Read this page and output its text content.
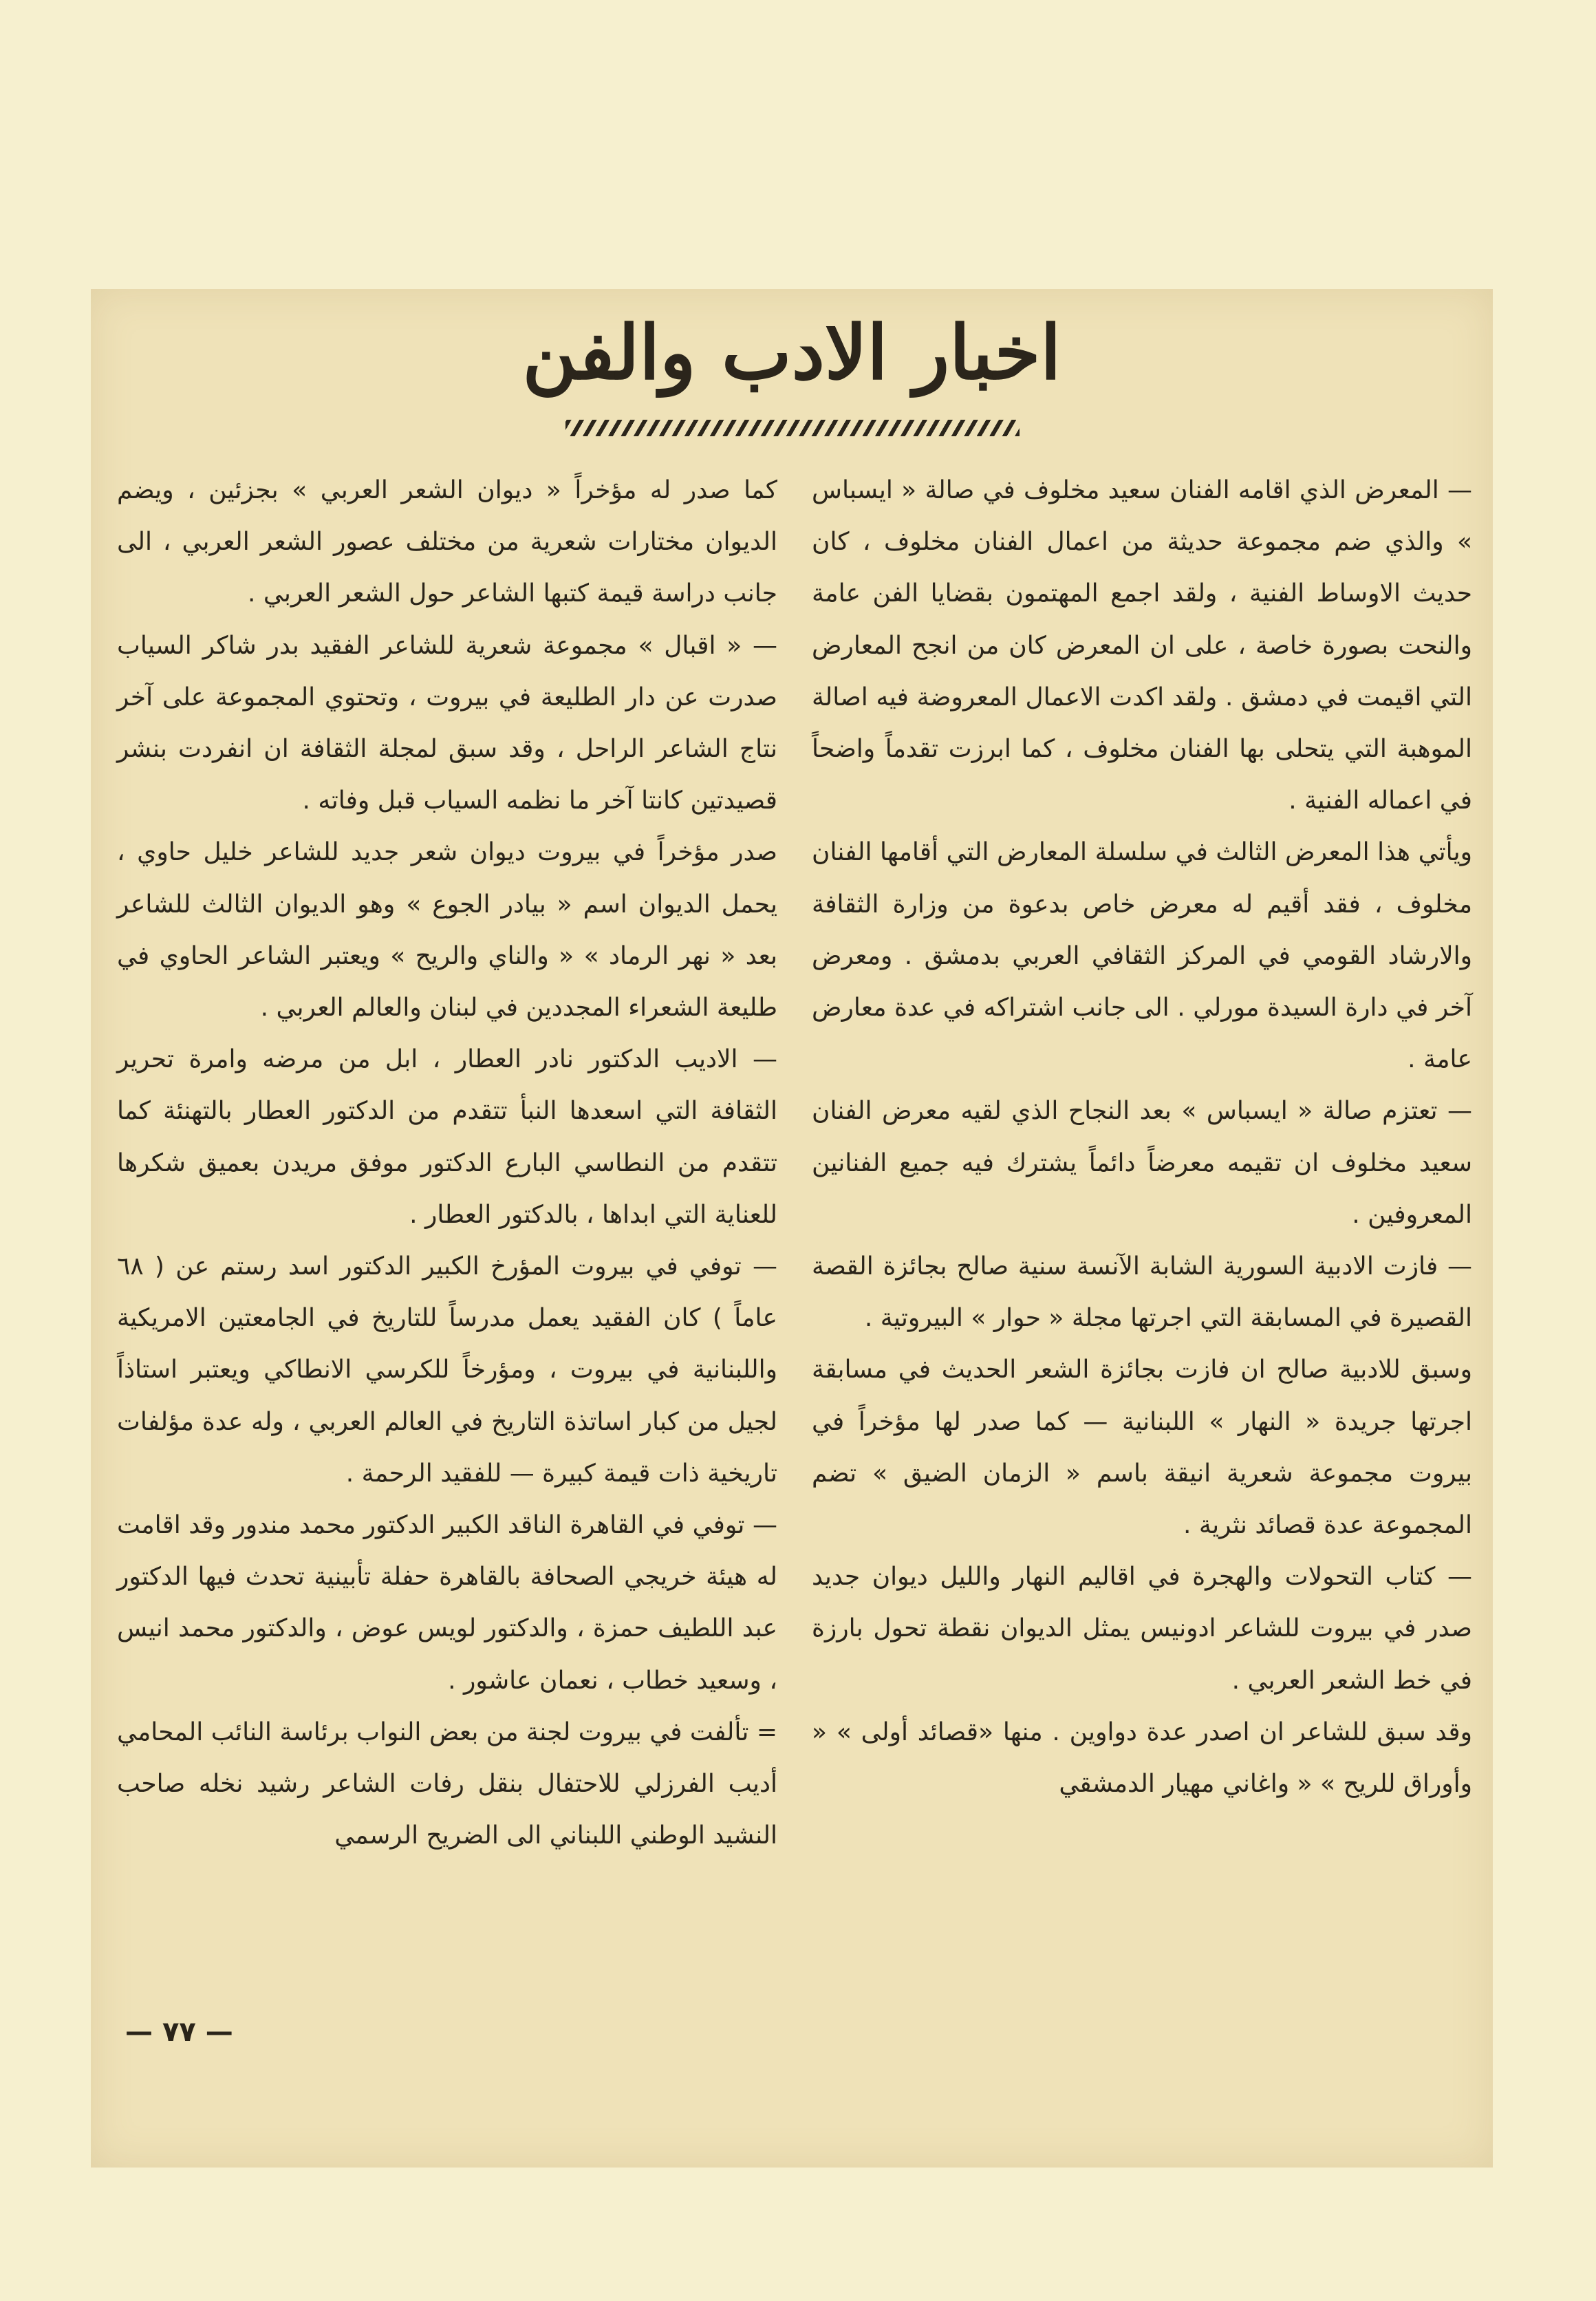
اخبار الادب والفن

— المعرض الذي اقامه الفنان سعيد مخلوف في صالة « ايسباس » والذي ضم مجموعة حديثة من اعمال الفنان مخلوف ، كان حديث الاوساط الفنية ، ولقد اجمع المهتمون بقضايا الفن عامة والنحت بصورة خاصة ، على ان المعرض كان من انجح المعارض التي اقيمت في دمشق . ولقد اكدت الاعمال المعروضة فيه اصالة الموهبة التي يتحلى بها الفنان مخلوف ، كما ابرزت تقدماً واضحاً في اعماله الفنية .

ويأتي هذا المعرض الثالث في سلسلة المعارض التي أقامها الفنان مخلوف ، فقد أقيم له معرض خاص بدعوة من وزارة الثقافة والارشاد القومي في المركز الثقافي العربي بدمشق . ومعرض آخر في دارة السيدة مورلي . الى جانب اشتراكه في عدة معارض عامة .

— تعتزم صالة « ايسباس » بعد النجاح الذي لقيه معرض الفنان سعيد مخلوف ان تقيمه معرضاً دائماً يشترك فيه جميع الفنانين المعروفين .

— فازت الادبية السورية الشابة الآنسة سنية صالح بجائزة القصة القصيرة في المسابقة التي اجرتها مجلة « حوار » البيروتية .

وسبق للادبية صالح ان فازت بجائزة الشعر الحديث في مسابقة اجرتها جريدة « النهار » اللبنانية — كما صدر لها مؤخراً في بيروت مجموعة شعرية انيقة باسم « الزمان الضيق » تضم المجموعة عدة قصائد نثرية .

— كتاب التحولات والهجرة في اقاليم النهار والليل ديوان جديد صدر في بيروت للشاعر ادونيس يمثل الديوان نقطة تحول بارزة في خط الشعر العربي .

وقد سبق للشاعر ان اصدر عدة دواوين . منها «قصائد أولى » « وأوراق للريح » « واغاني مهيار الدمشقي

كما صدر له مؤخراً « ديوان الشعر العربي » بجزئين ، ويضم الديوان مختارات شعرية من مختلف عصور الشعر العربي ، الى جانب دراسة قيمة كتبها الشاعر حول الشعر العربي .

— « اقبال » مجموعة شعرية للشاعر الفقيد بدر شاكر السياب صدرت عن دار الطليعة في بيروت ، وتحتوي المجموعة على آخر نتاج الشاعر الراحل ، وقد سبق لمجلة الثقافة ان انفردت بنشر قصيدتين كانتا آخر ما نظمه السياب قبل وفاته .

صدر مؤخراً في بيروت ديوان شعر جديد للشاعر خليل حاوي ، يحمل الديوان اسم « بيادر الجوع » وهو الديوان الثالث للشاعر بعد « نهر الرماد » « والناي والريح » ويعتبر الشاعر الحاوي في طليعة الشعراء المجددين في لبنان والعالم العربي .

— الاديب الدكتور نادر العطار ، ابل من مرضه وامرة تحرير الثقافة التي اسعدها النبأ تتقدم من الدكتور العطار بالتهنئة كما تتقدم من النطاسي البارع الدكتور موفق مريدن بعميق شكرها للعناية التي ابداها ، بالدكتور العطار .

— توفي في بيروت المؤرخ الكبير الدكتور اسد رستم عن ( ٦٨ عاماً ) كان الفقيد يعمل مدرساً للتاريخ في الجامعتين الامريكية واللبنانية في بيروت ، ومؤرخاً للكرسي الانطاكي ويعتبر استاذاً لجيل من كبار اساتذة التاريخ في العالم العربي ، وله عدة مؤلفات تاريخية ذات قيمة كبيرة — للفقيد الرحمة .

— توفي في القاهرة الناقد الكبير الدكتور محمد مندور وقد اقامت له هيئة خريجي الصحافة بالقاهرة حفلة تأبينية تحدث فيها الدكتور عبد اللطيف حمزة ، والدكتور لويس عوض ، والدكتور محمد انيس ، وسعيد خطاب ، نعمان عاشور .

= تألفت في بيروت لجنة من بعض النواب برئاسة النائب المحامي أديب الفرزلي للاحتفال بنقل رفات الشاعر رشيد نخله صاحب النشيد الوطني اللبناني الى الضريح الرسمي

— ٧٧ —
